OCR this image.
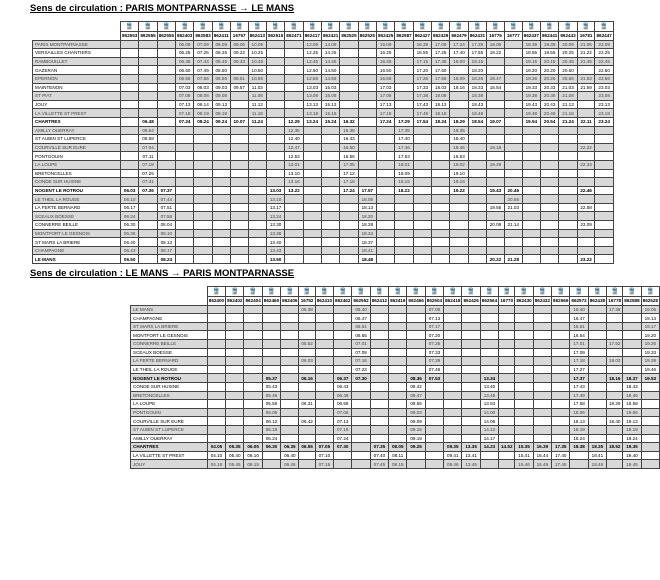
Sens de circulation : PARIS MONTPARNASSE → LE MANS
	🚆	🚆	🚆	🚆	🚆	🚆	🚆	🚆	🚆	🚆	🚆	🚆	🚆	🚆	🚆	🚆	🚆	🚆	🚆	🚆	🚆	🚆	🚆	🚆	🚆	🚆	🚆
	862553	862555	862555	862403	862583	862411	16757	862413	862515	862471	862417	862421	862525	862525	862425	862587	862427	862429	862479	862431	16775	16777	862437	862441	862443	16781	862447
PARIS MONTPARNASSE				06.09	07.09	08.09	09.06	10.09			12.09	14.09			16.09		16.39	17.09	17.24	17.39	18.06		18.39	19.39	20.09	21.06	22.09
VERSAILLES CHANTIERS				06.25	07.25	08.25	09.22	10.25			12.25	14.25			16.25		16.55	17.25	17.40	17.55	18.22		18.55	19.55	20.25	21.22	22.25
RAMBOUILLET				06.45	07.44	08.45	09.43	10.45			12.45	14.45			16.45		17.15	17.45	18.00	18.15			19.15	20.15	20.45	21.45	22.45
GAZERAN				06.50	07.49	08.50		10.50			12.50	14.50			16.50		17.20	17.50		18.20			19.20	20.20	20.50		22.50
EPERNON				06.56	07.56	08.56	09.51	10.56			12.56	14.56			16.56		17.26	17.56	18.09	18.26	18.47		19.26	20.26	20.56	21.53	22.56
MAINTENON				07.03	08.03	09.03	09.57	11.03			13.03	15.03			17.03		17.33	18.03	18.16	18.33	18.54		19.33	20.33	21.03	21.59	23.03
ST PIAT				07.08	08.08	09.08		11.08			13.08	15.08			17.08		17.38	18.08		18.38			19.38	20.38	21.08		23.08
JOUY				07.13	08.14	09.13		11.13			13.13	15.13			17.13		17.43	18.13		18.43			19.43	20.43	21.13		23.13
LA VILLETTE ST PREST				07.18	08.19	09.18		11.18			13.18	15.18			17.18		17.48	18.18		18.48			19.48	20.48	21.18		23.18
CHARTRES		06.48		07.24	08.24	09.24	10.07	11.24		12.29	13.24	15.24	16.32		17.24	17.29	17.54	18.24	18.29	18.54	19.07		19.54	20.54	21.24	22.11	23.24
AMILLY OUERRAY		06.54								12.35			16.38			17.35			18.35								
ST AUBIN ST LUPERCE		06.58								12.40			16.43			17.40			18.40								
COURVILLE SUR EURE		07.04								12.47			16.50			17.46			18.46		19.18					22.22	
PONTGOUIN		07.11								12.53			16.56			17.53			18.53								
LA LOUPE		07.18								13.01			17.05			18.01			19.02		19.29					22.33	
BRETONCELLES		07.25								13.10			17.12			18.09			19.10								
CONDE SUR HUISNE		07.31								13.16			17.18			18.15			19.16								
NOGENT LE ROTROU	06.03	07.36	07.37						13.03	13.22			17.24	17.57		18.22			19.22		19.43	20.46				22.46	
LE THEIL LA ROUGE	06.10		07.44						13.10					18.05								20.55					
LA FERTE BERNARD	06.17		07.51						13.17					18.13							19.56	21.03				22.58	
SCEAUX BOESSE	06.24		07.58						13.24					18.20													
CONNERRE BEILLE	06.30		08.04						13.30					18.28							20.08	21.14				23.09	
MONTFORT LE GESNOIS	06.36		08.10						13.36					18.34													
ST MARS LA BRIERE	06.40		08.13						13.40					18.37													
CHAMPAGNE	06.43		08.17						13.43					18.41													
LE MANS	06.50		08.24						13.50					18.48							20.22	21.28				23.22	
Sens de circulation : LE MANS → PARIS MONTPARNASSE
	🚆	🚆	🚆	🚆	🚆	🚆	🚆	🚆	🚆	🚆	🚆	🚆	🚆	🚆	🚆	🚆	🚆	🚆	🚆	🚆	🚆	🚆	🚆	🚆	🚆
	862400	862402	862404	862460	862406	16752	862410	862462	862552	862412	862416	862466	862504	862418	862426	862564	16770	862430	862432	862566	862572	862438	16778	862588	862528
LE MANS						05.38			06.40				07.06								16.40		17.38		19.06
CHAMPAGNE									06.47				07.13								16.47				19.13
ST MARS LA BRIERE									06.51				07.17								16.51				19.17
MONTFORT LE GESNOIS									06.55				07.20								16.54				19.20
CONNERRE BEILLE						05.52			07.01				07.26								17.01		17.52		19.26
SCEAUX BOESSE									07.09				07.33								17.09				19.33
LA FERTE BERNARD						06.03			07.16				07.39								17.18		18.03		19.39
LE THEIL LA ROUGE									07.23				07.46								17.27				19.46
NOGENT LE ROTROU				05.37		06.16		06.37	07.30			08.36	07.53			13.34					17.37		18.16	18.37	19.53
CONDE SUR HUISNE				05.43				06.43				08.42				13.40					17.43			18.43	
BRETONCELLES				05.49				06.49				08.47				13.45					17.49			18.49	
LA LOUPE				05.58		06.31		06.58				08.55				13.53					17.58		18.29	18.58	
PONTGOUIN				06.05				07.06				09.03				14.00					18.06			19.06	
COURVILLE SUR EURE				06.12		06.42		07.13				09.09				14.06					18.13		18.40	19.13	
ST AUBIN ST LUPERCE				06.19				07.19				09.15				14.12					18.19			19.19	
AMILLY OUERRAY				06.24				07.24				09.19				14.17					18.24			19.24	
CHARTRES	04.05	05.35	06.05	06.30	06.35	06.55	07.05	07.30		07.35	08.05	09.25		09.35	13.35	14.23	14.52	15.35	16.39	17.35	18.38	18.35	18.52	19.35	
LA VILLETTE ST PREST	04.10	05.40	06.10		06.40		07.10			07.40	08.11			09.41	13.41			15.41	16.44	17.40		18.41		19.40	
JOUY	04.15	05.45	06.15		06.45		07.15			07.45	08.15			09.46	13.45			15.46	16.49	17.45		18.46		19.45	
